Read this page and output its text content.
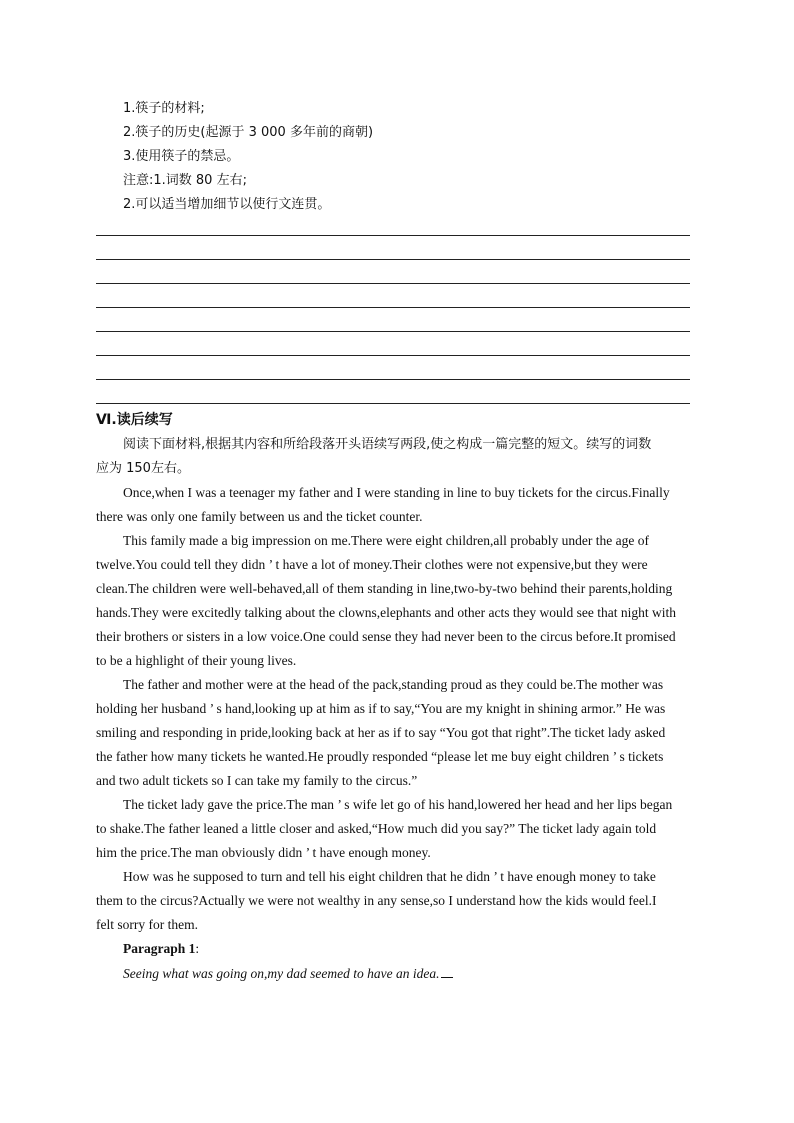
1.筷子的材料;
2.筷子的历史(起源于 3 000 多年前的商朝)
3.使用筷子的禁忌。
注意:1.词数 80 左右;
2.可以适当增加细节以使行文连贯。
Ⅵ.读后续写
阅读下面材料,根据其内容和所给段落开头语续写两段,使之构成一篇完整的短文。续写的词数
应为 150左右。
Once,when I was a teenager my father and I were standing in line to buy tickets for the circus.Finally
there was only one family between us and the ticket counter.
This family made a big impression on me.There were eight children,all probably under the age of
twelve.You could tell they didn ’ t have a lot of money.Their clothes were not expensive,but they were
clean.The children were well-behaved,all of them standing in line,two-by-two behind their parents,holding
hands.They were excitedly talking about the clowns,elephants and other acts they would see that night with
their brothers or sisters in a low voice.One could sense they had never been to the circus before.It promised
to be a highlight of their young lives.
The father and mother were at the head of the pack,standing proud as they could be.The mother was
holding her husband ’ s hand,looking up at him as if to say,“You are my knight in shining armor.” He was
smiling and responding in pride,looking back at her as if to say “You got that right”.The ticket lady asked
the father how many tickets he wanted.He proudly responded “please let me buy eight children ’ s tickets
and two adult tickets so I can take my family to the circus.”
The ticket lady gave the price.The man ’ s wife let go of his hand,lowered her head and her lips began
to shake.The father leaned a little closer and asked,“How much did you say?” The ticket lady again told
him the price.The man obviously didn ’ t have enough money.
How was he supposed to turn and tell his eight children that he didn ’ t have enough money to take
them to the circus?Actually we were not wealthy in any sense,so I understand how the kids would feel.I
felt sorry for them.
Paragraph 1:
Seeing what was going on,my dad seemed to have an idea.
